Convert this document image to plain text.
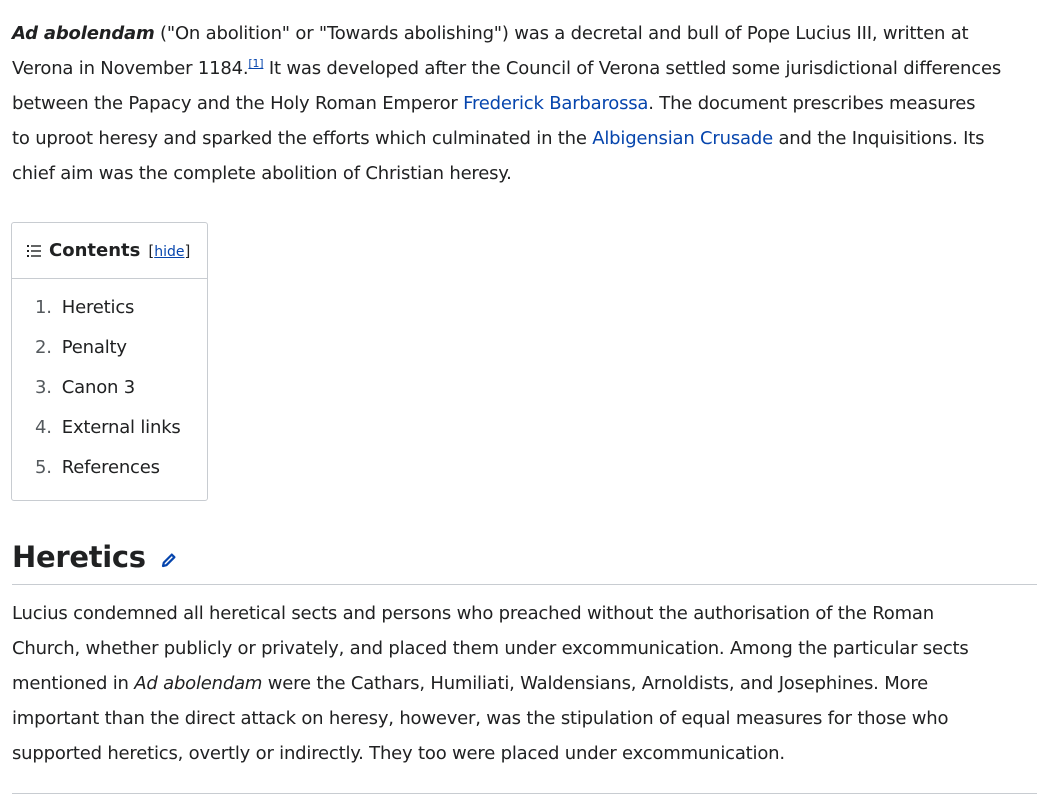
Ad abolendam ("On abolition" or "Towards abolishing") was a decretal and bull of Pope Lucius III, written at
Verona in November 1184.[1] It was developed after the Council of Verona settled some jurisdictional differences
between the Papacy and the Holy Roman Emperor Frederick Barbarossa. The document prescribes measures
to uproot heresy and sparked the efforts which culminated in the Albigensian Crusade and the Inquisitions. Its
chief aim was the complete abolition of Christian heresy.

Contents [hide]
1. Heretics
2. Penalty
3. Canon 3
4. External links
5. References
Heretics

Lucius condemned all heretical sects and persons who preached without the authorisation of the Roman
Church, whether publicly or privately, and placed them under excommunication. Among the particular sects
mentioned in Ad abolendam were the Cathars, Humiliati, Waldensians, Arnoldists, and Josephines. More
important than the direct attack on heresy, however, was the stipulation of equal measures for those who
supported heretics, overtly or indirectly. They too were placed under excommunication.
